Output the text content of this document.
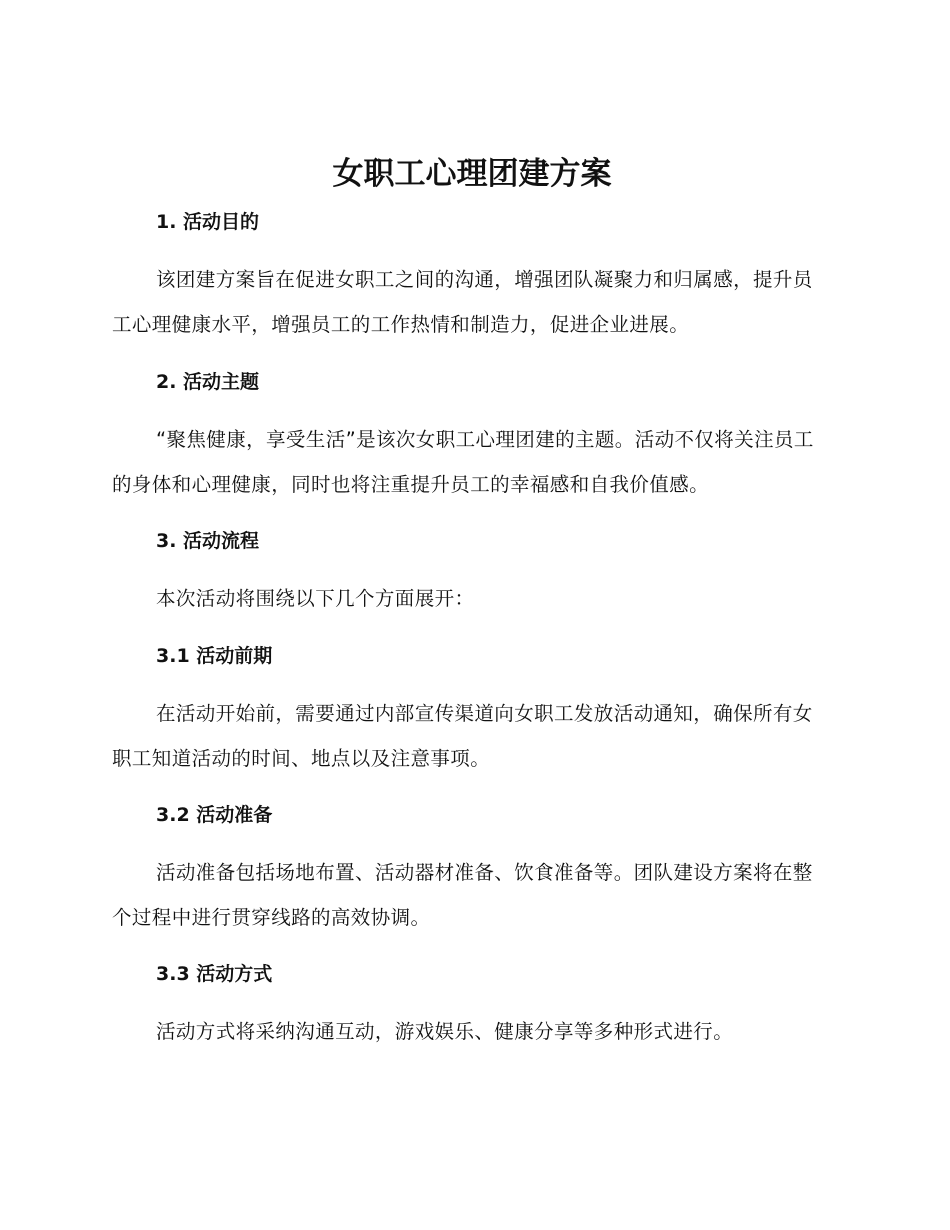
女职工心理团建方案
1. 活动目的

该团建方案旨在促进女职工之间的沟通，增强团队凝聚力和归属感，提升员工心理健康水平，增强员工的工作热情和制造力，促进企业进展。

2. 活动主题

“聚焦健康，享受生活”是该次女职工心理团建的主题。活动不仅将关注员工的身体和心理健康，同时也将注重提升员工的幸福感和自我价值感。

3. 活动流程

本次活动将围绕以下几个方面展开：

3.1 活动前期

在活动开始前，需要通过内部宣传渠道向女职工发放活动通知，确保所有女职工知道活动的时间、地点以及注意事项。

3.2 活动准备

活动准备包括场地布置、活动器材准备、饮食准备等。团队建设方案将在整个过程中进行贯穿线路的高效协调。

3.3 活动方式

活动方式将采纳沟通互动，游戏娱乐、健康分享等多种形式进行。
